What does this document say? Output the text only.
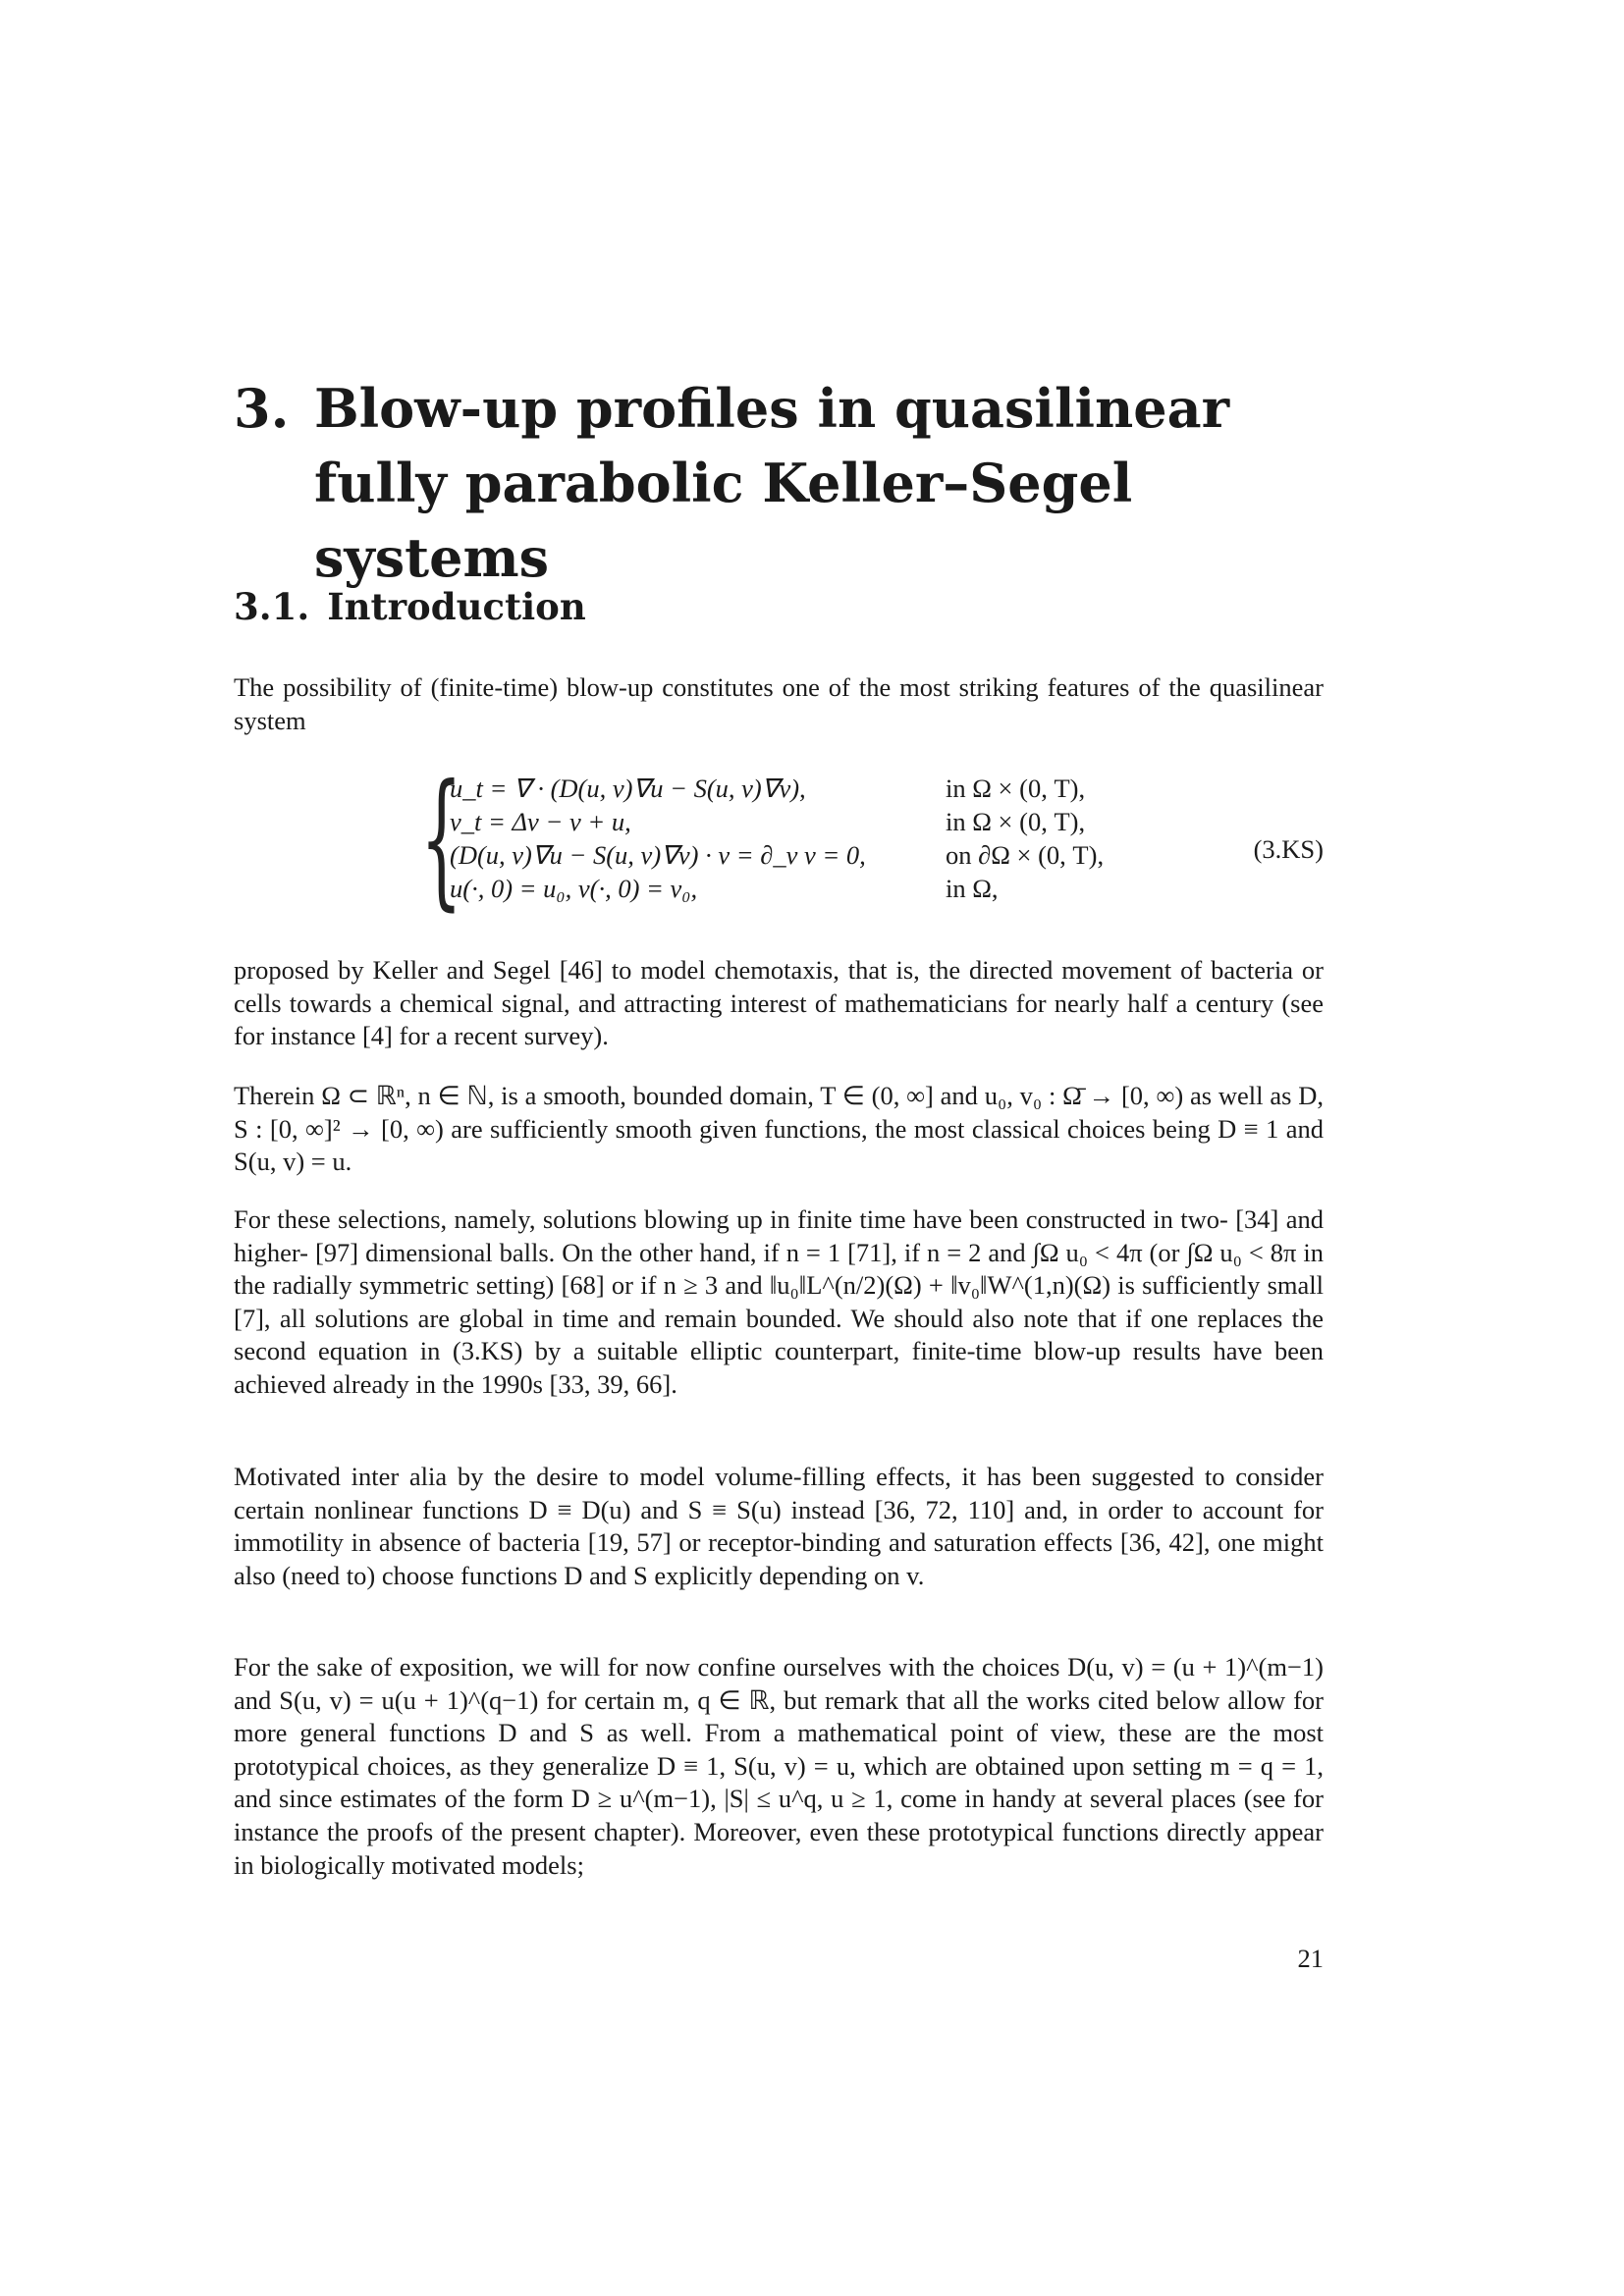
3. Blow-up profiles in quasilinear fully parabolic Keller–Segel systems
3.1. Introduction

The possibility of (finite-time) blow-up constitutes one of the most striking features of the quasilinear system

{
u_t = ∇ · (D(u, v)∇u − S(u, v)∇v),	in Ω × (0, T),
v_t = Δv − v + u,	in Ω × (0, T),
(D(u, v)∇u − S(u, v)∇v) · ν = ∂_ν v = 0,	on ∂Ω × (0, T),
u(·, 0) = u₀, v(·, 0) = v₀,	in Ω,
(3.KS)

proposed by Keller and Segel [46] to model chemotaxis, that is, the directed movement of bacteria or cells towards a chemical signal, and attracting interest of mathematicians for nearly half a century (see for instance [4] for a recent survey).

Therein Ω ⊂ ℝⁿ, n ∈ ℕ, is a smooth, bounded domain, T ∈ (0, ∞] and u₀, v₀ : Ω̄ → [0, ∞) as well as D, S : [0, ∞]² → [0, ∞) are sufficiently smooth given functions, the most classical choices being D ≡ 1 and S(u, v) = u.

For these selections, namely, solutions blowing up in finite time have been constructed in two- [34] and higher- [97] dimensional balls. On the other hand, if n = 1 [71], if n = 2 and ∫Ω u₀ < 4π (or ∫Ω u₀ < 8π in the radially symmetric setting) [68] or if n ≥ 3 and ‖u₀‖L^(n/2)(Ω) + ‖v₀‖W^(1,n)(Ω) is sufficiently small [7], all solutions are global in time and remain bounded. We should also note that if one replaces the second equation in (3.KS) by a suitable elliptic counterpart, finite-time blow-up results have been achieved already in the 1990s [33, 39, 66].

Motivated inter alia by the desire to model volume-filling effects, it has been suggested to consider certain nonlinear functions D ≡ D(u) and S ≡ S(u) instead [36, 72, 110] and, in order to account for immotility in absence of bacteria [19, 57] or receptor-binding and saturation effects [36, 42], one might also (need to) choose functions D and S explicitly depending on v.

For the sake of exposition, we will for now confine ourselves with the choices D(u, v) = (u + 1)^(m−1) and S(u, v) = u(u + 1)^(q−1) for certain m, q ∈ ℝ, but remark that all the works cited below allow for more general functions D and S as well. From a mathematical point of view, these are the most prototypical choices, as they generalize D ≡ 1, S(u, v) = u, which are obtained upon setting m = q = 1, and since estimates of the form D ≥ u^(m−1), |S| ≤ u^q, u ≥ 1, come in handy at several places (see for instance the proofs of the present chapter). Moreover, even these prototypical functions directly appear in biologically motivated models;

21
